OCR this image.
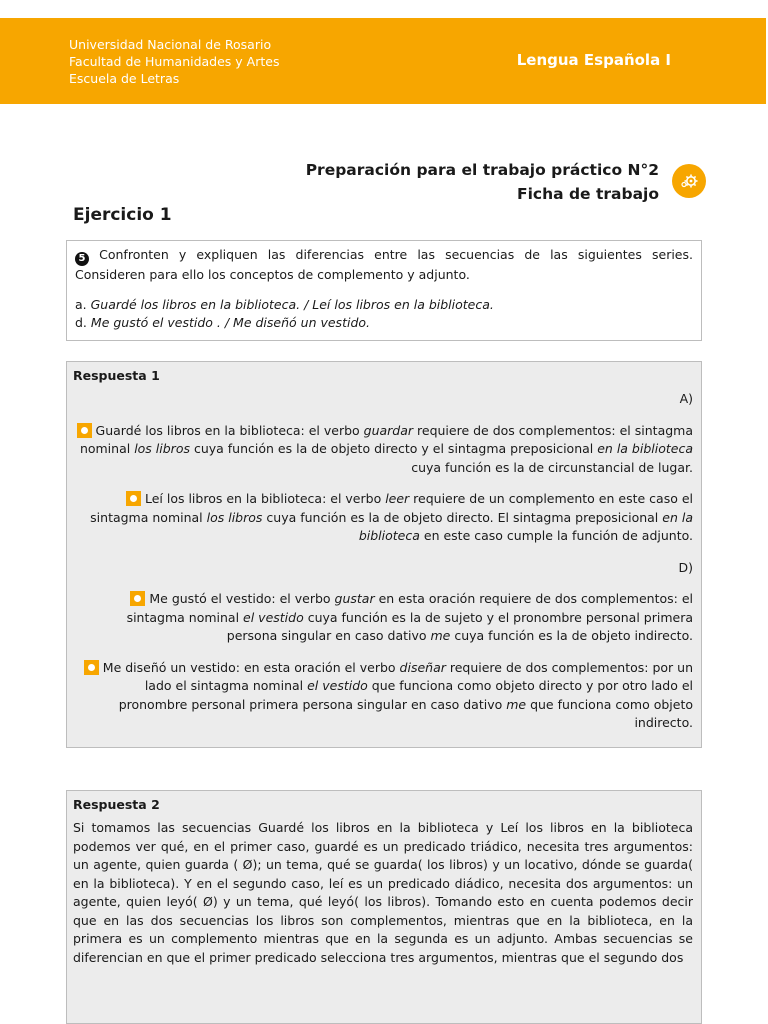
Universidad Nacional de Rosario
Facultad de Humanidades y Artes
Escuela de Letras
Lengua Española I
Preparación para el trabajo práctico N°2
Ficha de trabajo
Ejercicio 1

5 Confronten y expliquen las diferencias entre las secuencias de las siguientes series. Consideren para ello los conceptos de complemento y adjunto.

a. Guardé los libros en la biblioteca. / Leí los libros en la biblioteca.

d. Me gustó el vestido . / Me diseñó un vestido.

Respuesta 1

A)

Guardé los libros en la biblioteca: el verbo guardar requiere de dos complementos: el sintagma nominal los libros cuya función es la de objeto directo y el sintagma preposicional en la biblioteca cuya función es la de circunstancial de lugar.

Leí los libros en la biblioteca: el verbo leer requiere de un complemento en este caso el sintagma nominal los libros cuya función es la de objeto directo. El sintagma preposicional en la biblioteca en este caso cumple la función de adjunto.

D)

Me gustó el vestido: el verbo gustar en esta oración requiere de dos complementos: el sintagma nominal el vestido cuya función es la de sujeto y el pronombre personal primera persona singular en caso dativo me cuya función es la de objeto indirecto.

Me diseñó un vestido: en esta oración el verbo diseñar requiere de dos complementos: por un lado el sintagma nominal el vestido que funciona como objeto directo y por otro lado el pronombre personal primera persona singular en caso dativo me que funciona como objeto indirecto.

Respuesta 2

Si tomamos las secuencias Guardé los libros en la biblioteca y Leí los libros en la biblioteca podemos ver qué, en el primer caso, guardé es un predicado triádico, necesita tres argumentos: un agente, quien guarda ( Ø); un tema, qué se guarda( los libros) y un locativo, dónde se guarda( en la biblioteca). Y en el segundo caso, leí es un predicado diádico, necesita dos argumentos: un agente, quien leyó( Ø) y un tema, qué leyó( los libros). Tomando esto en cuenta podemos decir que en las dos secuencias los libros son complementos, mientras que en la biblioteca, en la primera es un complemento mientras que en la segunda es un adjunto. Ambas secuencias se diferencian en que el primer predicado selecciona tres argumentos, mientras que el segundo dos
